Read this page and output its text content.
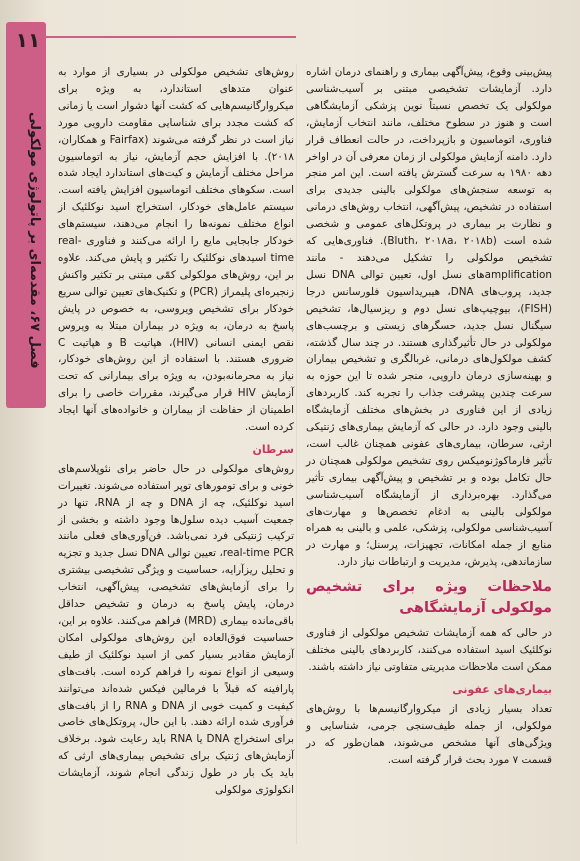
۱۱
فصل ۶۷، مقدمه‌ای بر پاتولوژی مولکولی

روش‌های تشخیص مولکولی در بسیاری از موارد به عنوان متدهای استاندارد، به ویژه برای میکروارگانیسم‌هایی که کشت آنها دشوار است یا زمانی که کشت مجدد برای شناسایی مقاومت دارویی مورد نیاز است در نظر گرفته می‌شوند (Fairfax و همکاران، ۲۰۱۸). با افزایش حجم آزمایش، نیاز به اتوماسیون مراحل مختلف آزمایش و کیت‌های استاندارد ایجاد شده است. سکوهای مختلف اتوماسیون افزایش یافته است. سیستم عامل‌های خودکار، استخراج اسید نوکلئیک از انواع مختلف نمونه‌ها را انجام می‌دهند، سیستم‌های خودکار جابجایی مایع را ارائه می‌کنند و فناوری real-time اسیدهای نوکلئیک را تکثیر و پایش می‌کند. علاوه بر این، روش‌های مولکولی کمّی مبتنی بر تکثیر واکنش زنجیره‌ای پلیمراز (PCR) و تکنیک‌های تعیین توالی سریع خودکار برای تشخیص ویروسی، به خصوص در پایش پاسخ به درمان، به ویژه در بیماران مبتلا به ویروس نقص ایمنی انسانی (HIV)، هپاتیت B و هپاتیت C ضروری هستند. با استفاده از این روش‌های خودکار، نیاز به محرمانه‌بودن، به ویژه برای بیمارانی که تحت آزمایش HIV قرار می‌گیرند، مقررات خاصی را برای اطمینان از حفاظت از بیماران و خانواده‌های آنها ایجاد کرده است.

سرطان

روش‌های مولکولی در حال حاضر برای نئوپلاسم‌های خونی و برای تومورهای توپر استفاده می‌شوند. تغییرات اسید نوکلئیک، چه از DNA و چه از RNA، تنها در جمعیت آسیب دیده سلول‌ها وجود داشته و بخشی از ترکیب ژنتیکی فرد نمی‌باشد. فن‌آوری‌های فعلی مانند real-time PCR، تعیین توالی DNA نسل جدید و تجزیه و تحلیل ریزآرایه، حساسیت و ویژگی تشخیصی بیشتری را برای آزمایش‌های تشخیصی، پیش‌آگهی، انتخاب درمان، پایش پاسخ به درمان و تشخیص حداقل باقی‌مانده بیماری (MRD) فراهم می‌کنند. علاوه بر این، حساسیت فوق‌العاده این روش‌های مولکولی امکان آزمایش مقادیر بسیار کمی از اسید نوکلئیک از طیف وسیعی از انواع نمونه را فراهم کرده است. بافت‌های پارافینه که قبلاً با فرمالین فیکس شده‌اند می‌توانند کیفیت و کمیت خوبی از DNA و RNA را از بافت‌های فرآوری شده ارائه دهند. با این حال، پروتکل‌های خاصی برای استخراج DNA یا RNA باید رعایت شود. برخلاف آزمایش‌های ژنتیک برای تشخیص بیماری‌های ارثی که باید یک بار در طول زندگی انجام شوند، آزمایشات انکولوژی مولکولی

پیش‌بینی وقوع، پیش‌آگهی بیماری و راهنمای درمان اشاره دارد. آزمایشات تشخیصی مبتنی بر آسیب‌شناسی مولکولی یک تخصص نسبتاً نوین پزشکی آزمایشگاهی است و هنوز در سطوح مختلف، مانند انتخاب آزمایش، فناوری، اتوماسیون و بازپرداخت، در حالت انعطاف قرار دارد. دامنه آزمایش مولکولی از زمان معرفی آن در اواخر دهه ۱۹۸۰ به سرعت گسترش یافته است. این امر منجر به توسعه سنجش‌های مولکولی بالینی جدیدی برای استفاده در تشخیص، پیش‌آگهی، انتخاب روش‌های درمانی و نظارت بر بیماری در پروتکل‌های عمومی و شخصی شده است (Bluth، ۲۰۱۸a، ۲۰۱۸b). فناوری‌هایی که تشخیص مولکولی را تشکیل می‌دهند - مانند amplificationهای نسل اول، تعیین توالی DNA نسل جدید، پروب‌های DNA، هیبریداسیون فلورسانس درجا (FISH)، بیوچیپ‌های نسل دوم و ریزسیال‌ها، تشخیص سیگنال نسل جدید، حسگرهای زیستی و برچسب‌های مولکولی در حال تأثیرگذاری هستند. در چند سال گذشته، کشف مولکول‌های درمانی، غربالگری و تشخیص بیماران و بهینه‌سازی درمان دارویی، منجر شده تا این حوزه به سرعت چندین پیشرفت جذاب را تجربه کند. کاربردهای زیادی از این فناوری در بخش‌های مختلف آزمایشگاه بالینی وجود دارد. در حالی که آزمایش بیماری‌های ژنتیکی ارثی، سرطان، بیماری‌های عفونی همچنان غالب است، تأثیر فارماکوژنومیکس روی تشخیص مولکولی همچنان در حال تکامل بوده و بر تشخیص و پیش‌آگهی بیماری تأثیر می‌گذارد. بهره‌برداری از آزمایشگاه آسیب‌شناسی مولکولی بالینی به ادغام تخصص‌ها و مهارت‌های آسیب‌شناسی مولکولی، پزشکی، علمی و بالینی به همراه منابع از جمله امکانات، تجهیزات، پرسنل؛ و مهارت در سازماندهی، پذیرش، مدیریت و ارتباطات نیاز دارد.

ملاحظات ویژه برای تشخیص مولکولی آزمایشگاهی

در حالی که همه آزمایشات تشخیص مولکولی از فناوری نوکلئیک اسید استفاده می‌کنند، کاربردهای بالینی مختلف ممکن است ملاحظات مدیریتی متفاوتی نیاز داشته باشند.

بیماری‌های عفونی

تعداد بسیار زیادی از میکروارگانیسم‌ها با روش‌های مولکولی، از جمله طیف‌سنجی جرمی، شناسایی و ویژگی‌های آنها مشخص می‌شوند، همان‌طور که در قسمت ۷ مورد بحث قرار گرفته است.
